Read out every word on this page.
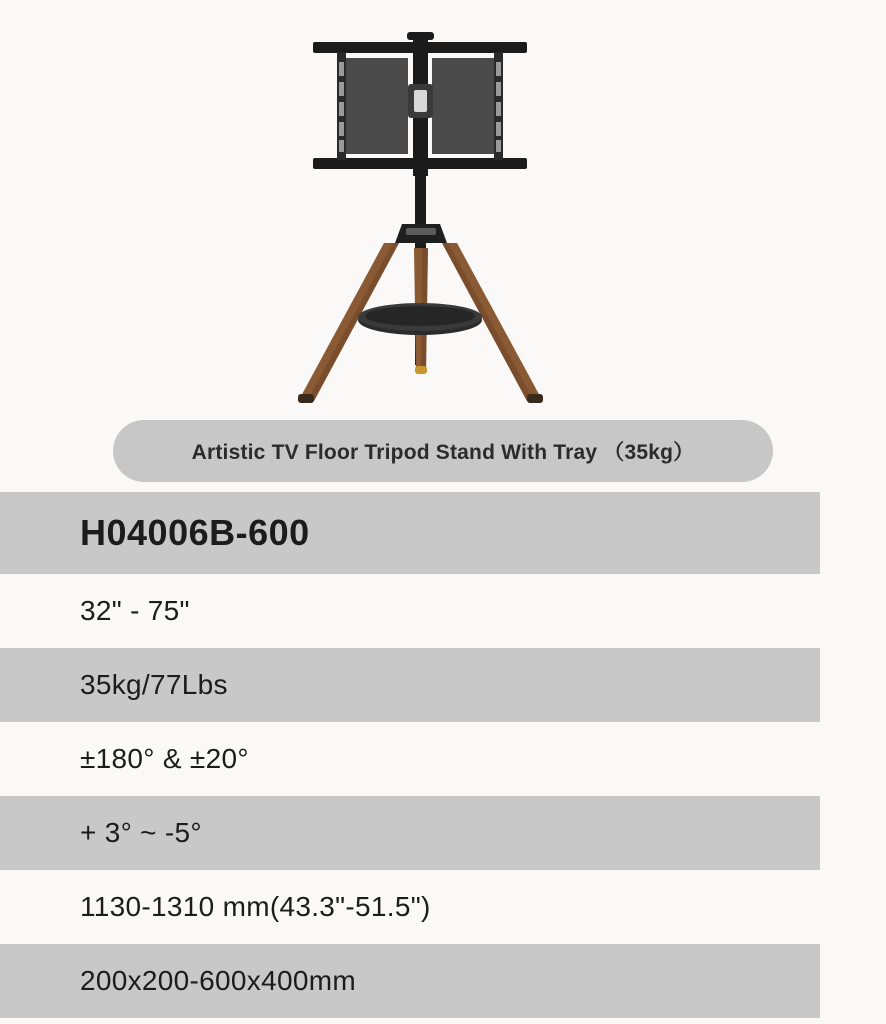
Artistic TV Floor Tripod Stand With Tray （35kg）
H04006B-600
32" - 75"
35kg/77Lbs
±180° & ±20°
+ 3° ~ -5°
1130-1310 mm(43.3"-51.5")
200x200-600x400mm
